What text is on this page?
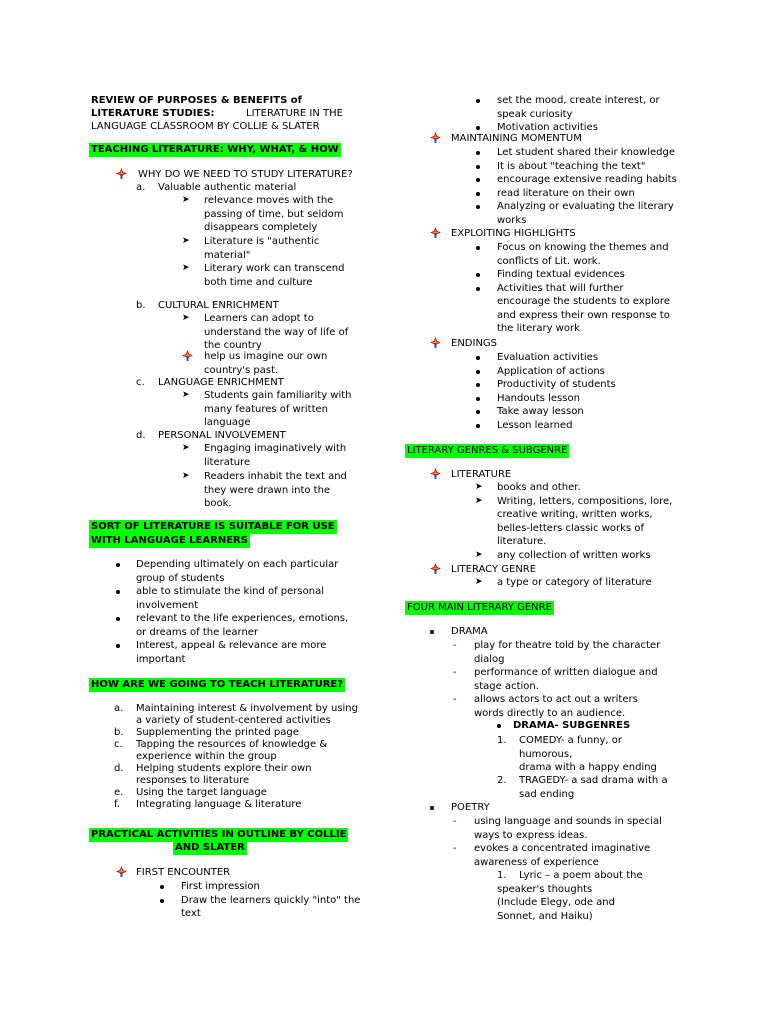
REVIEW OF PURPOSES & BENEFITS of
LITERATURE STUDIES:	LITERATURE IN THE
LANGUAGE CLASSROOM BY COLLIE & SLATER
TEACHING LITERATURE: WHY, WHAT, & HOW
WHY DO WE NEED TO STUDY LITERATURE?
a. Valuable authentic material
➤ relevance moves with the
passing of time, but seldom
disappears completely
➤ Literature is "authentic
material"
➤ Literary work can transcend
both time and culture
b. CULTURAL ENRICHMENT
➤ Learners can adopt to
understand the way of life of
the country
help us imagine our own
country's past.
c. LANGUAGE ENRICHMENT
➤ Students gain familiarity with
many features of written
language
d. PERSONAL INVOLVEMENT
➤ Engaging imaginatively with
literature
➤ Readers inhabit the text and
they were drawn into the
book.
SORT OF LITERATURE IS SUITABLE FOR USE
WITH LANGUAGE LEARNERS
Depending ultimately on each particular
group of students
able to stimulate the kind of personal
involvement
relevant to the life experiences, emotions,
or dreams of the learner
Interest, appeal & relevance are more
important
HOW ARE WE GOING TO TEACH LITERATURE?
a. Maintaining interest & involvement by using
a variety of student-centered activities
b. Supplementing the printed page
c. Tapping the resources of knowledge &
experience within the group
d. Helping students explore their own
responses to literature
e. Using the target language
f. Integrating language & literature
PRACTICAL ACTIVITIES IN OUTLINE BY COLLIE
AND SLATER
FIRST ENCOUNTER
First impression
Draw the learners quickly "into" the
text
set the mood, create interest, or
speak curiosity
Motivation activities
MAINTAINING MOMENTUM
Let student shared their knowledge
It is about "teaching the text"
encourage extensive reading habits
read literature on their own
Analyzing or evaluating the literary
works
EXPLOITING HIGHLIGHTS
Focus on knowing the themes and
conflicts of Lit. work.
Finding textual evidences
Activities that will further
encourage the students to explore
and express their own response to
the literary work
ENDINGS
Evaluation activities
Application of actions
Productivity of students
Handouts lesson
Take away lesson
Lesson learned
LITERARY GENRES & SUBGENRE
LITERATURE
➤ books and other.
➤ Writing, letters, compositions, lore,
creative writing, written works,
belles-letters classic works of
literature.
➤ any collection of written works
LITERACY GENRE
➤ a type or category of literature
FOUR MAIN LITERARY GENRE
DRAMA
- play for theatre told by the character
dialog
- performance of written dialogue and
stage action.
- allows actors to act out a writers
words directly to an audience.
DRAMA- SUBGENRES
1. COMEDY- a funny, or
humorous,
drama with a happy ending
2. TRAGEDY- a sad drama with a
sad ending
POETRY
- using language and sounds in special
ways to express ideas.
- evokes a concentrated imaginative
awareness of experience
1. Lyric – a poem about the
speaker's thoughts
(Include Elegy, ode and
Sonnet, and Haiku)
